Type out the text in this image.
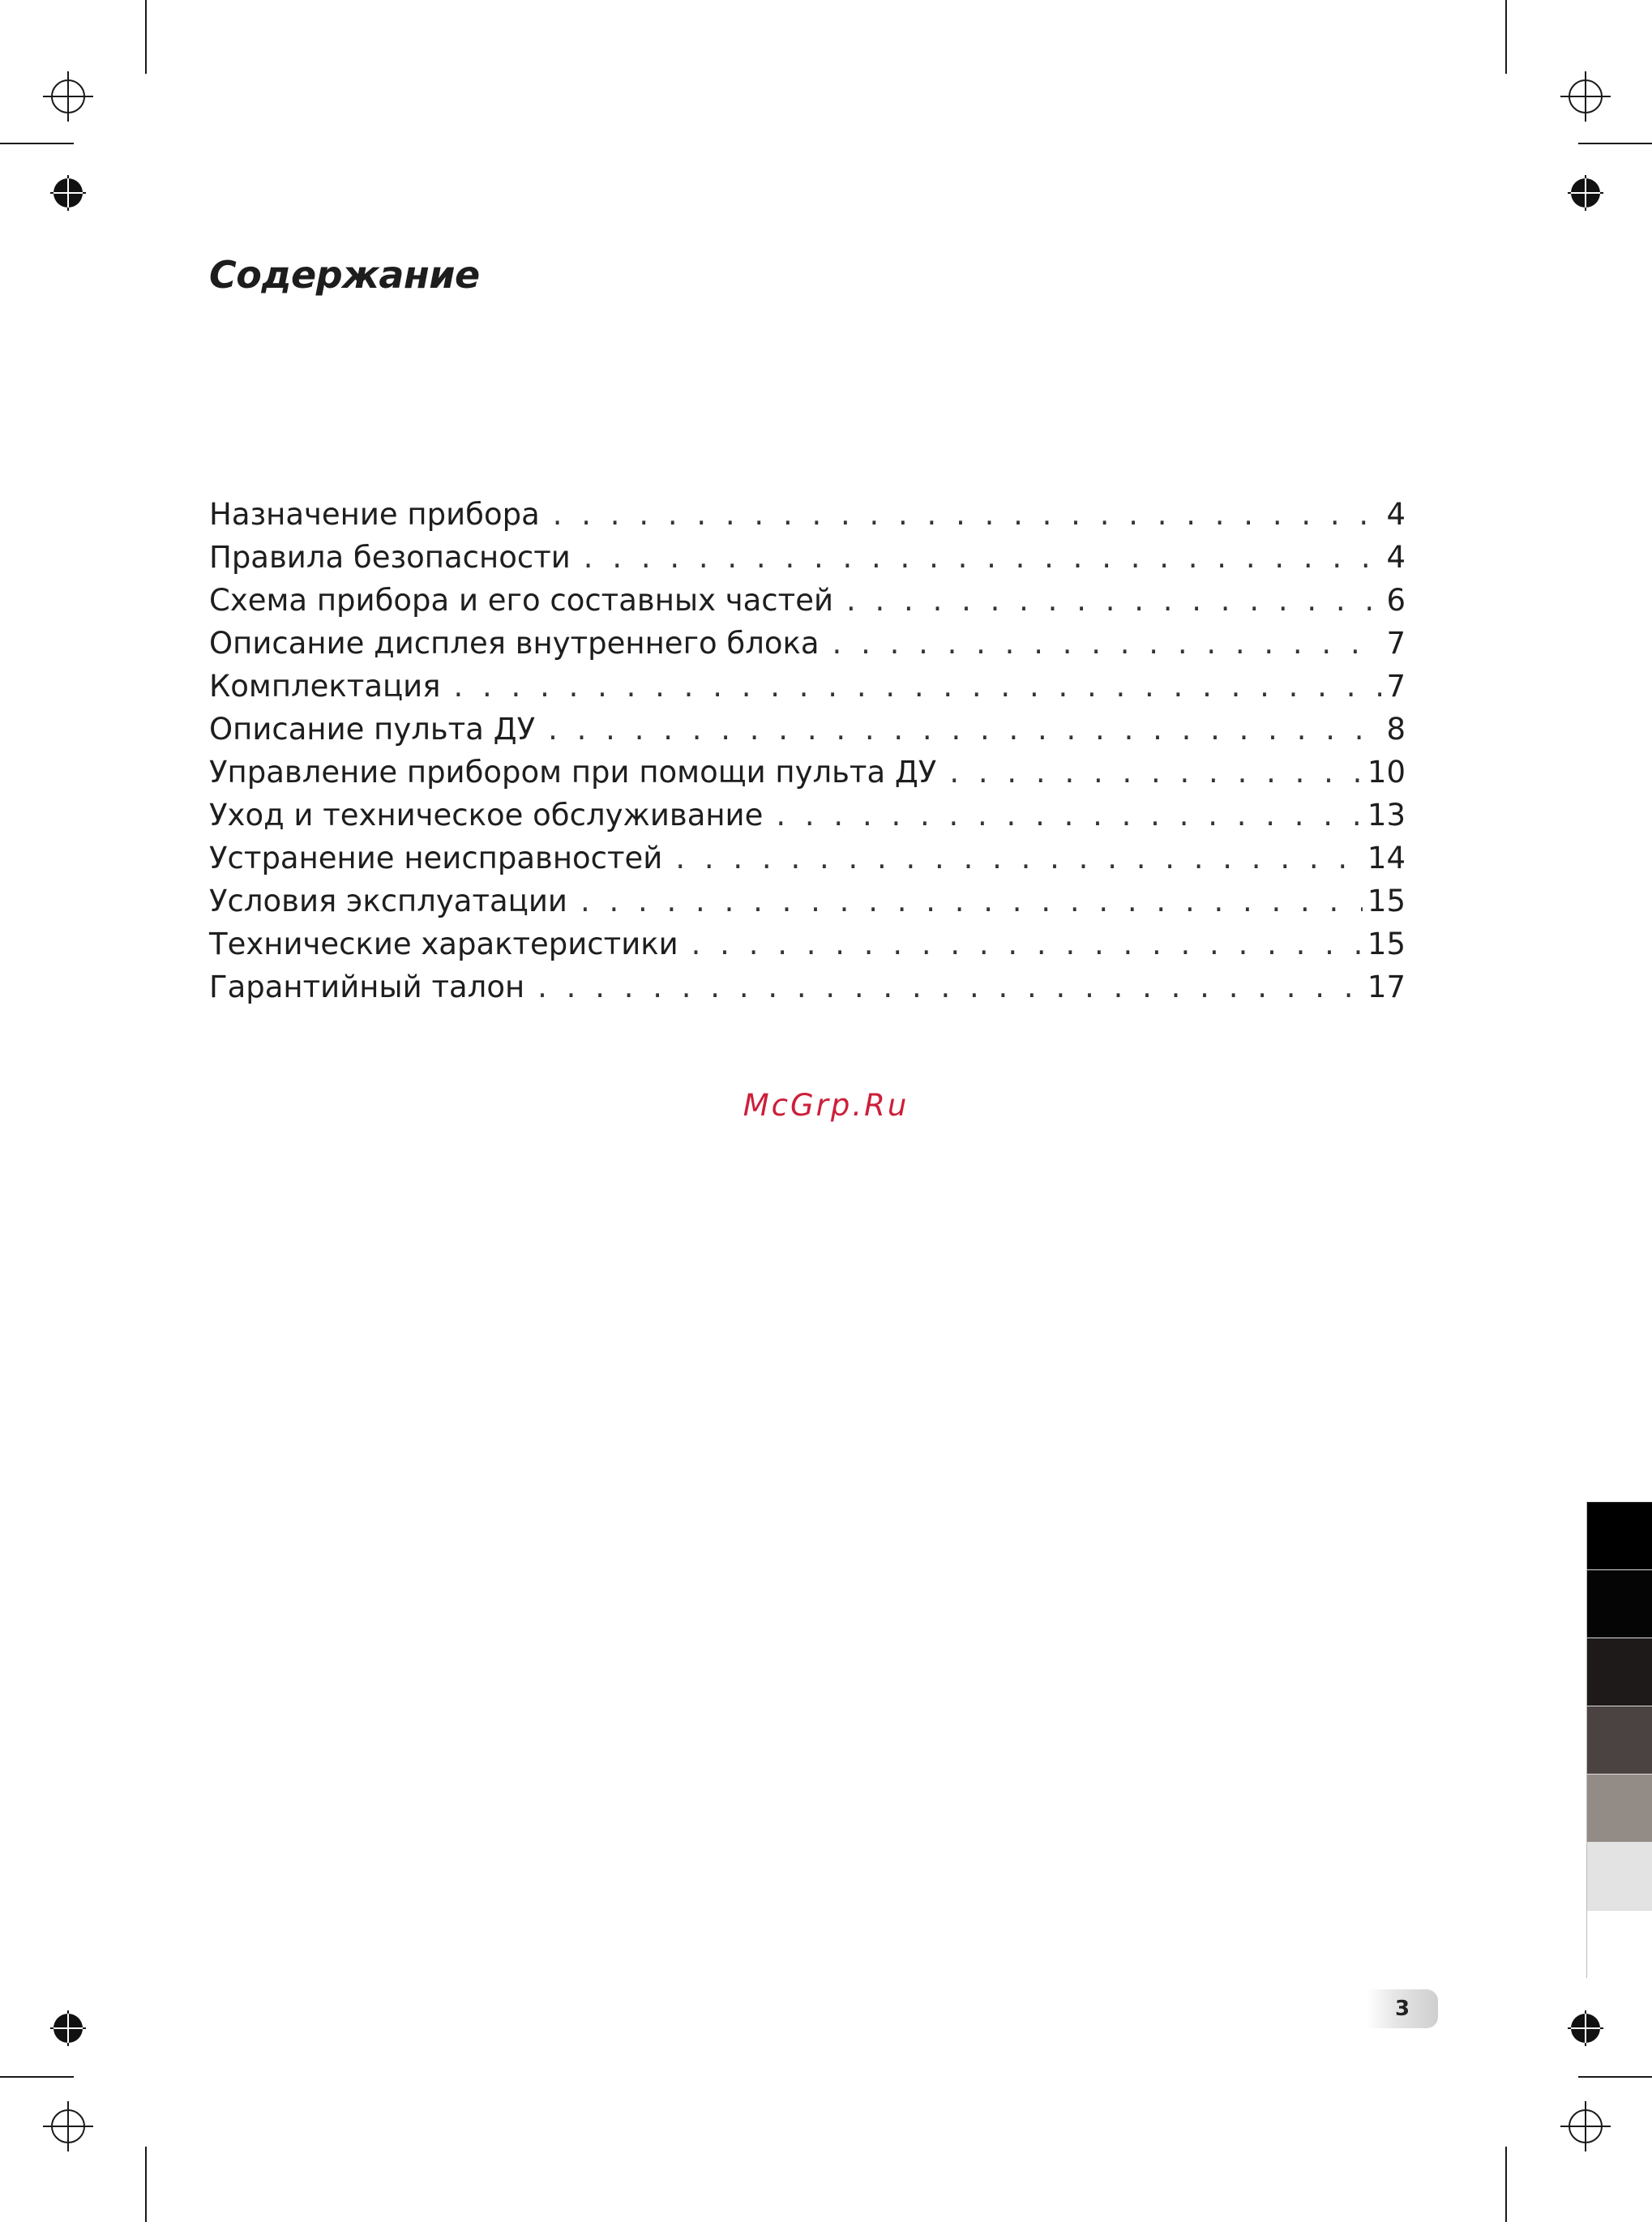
Содержание
Назначение прибора . . .	4
Правила безопасности . . .	4
Схема прибора и его составных частей . . .	6
Описание дисплея внутреннего блока . . .	7
Комплектация . . .	7
Описание пульта ДУ . . .	8
Управление прибором при помощи пульта ДУ . . .	10
Уход и техническое обслуживание . . .	13
Устранение неисправностей . . .	14
Условия эксплуатации . . .	15
Технические характеристики . . .	15
Гарантийный талон . . .	17
McGrp.Ru
3
